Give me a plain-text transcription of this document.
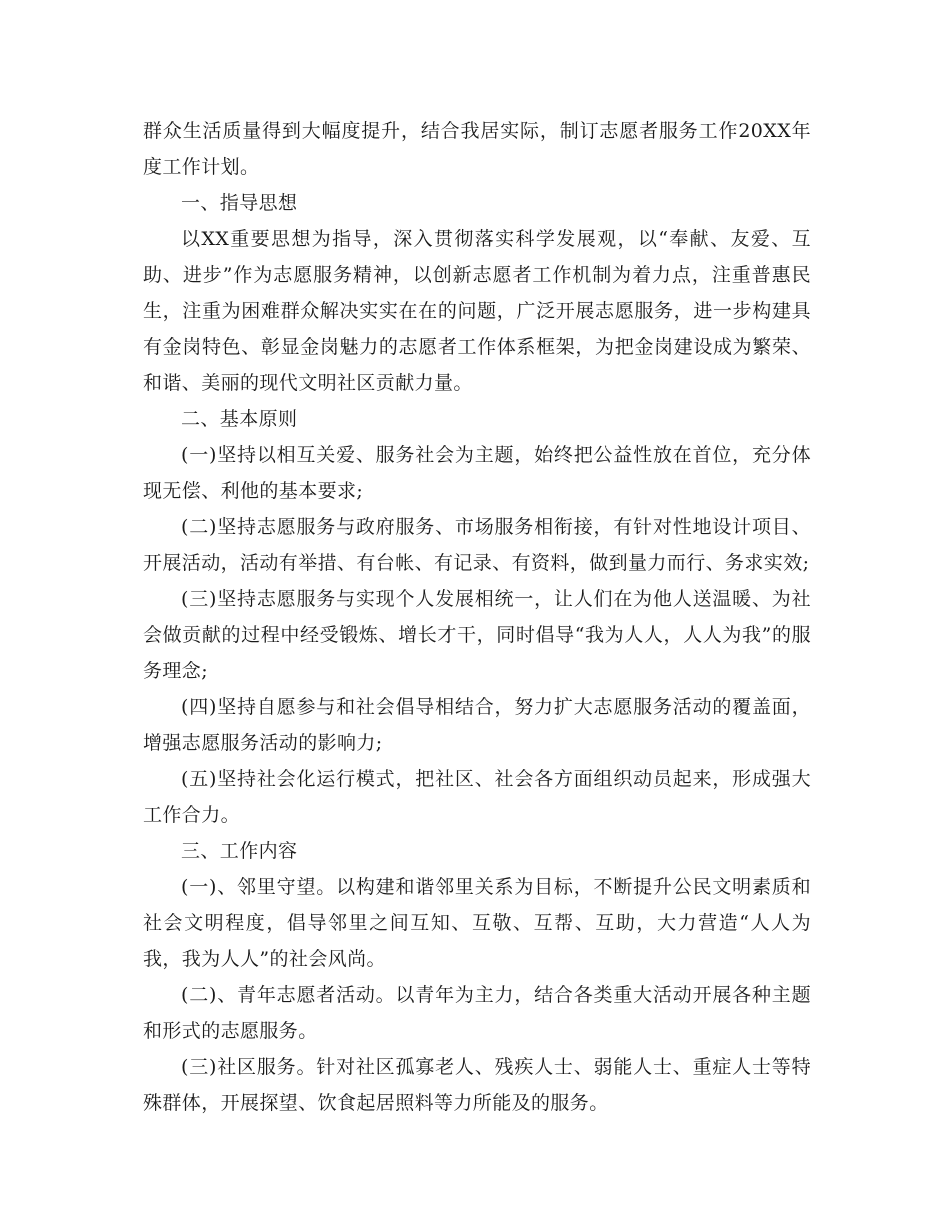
群众生活质量得到大幅度提升，结合我居实际，制订志愿者服务工作20XX年度工作计划。

一、指导思想

以XX重要思想为指导，深入贯彻落实科学发展观，以“奉献、友爱、互助、进步”作为志愿服务精神，以创新志愿者工作机制为着力点，注重普惠民生，注重为困难群众解决实实在在的问题，广泛开展志愿服务，进一步构建具有金岗特色、彰显金岗魅力的志愿者工作体系框架，为把金岗建设成为繁荣、和谐、美丽的现代文明社区贡献力量。

二、基本原则

(一)坚持以相互关爱、服务社会为主题，始终把公益性放在首位，充分体现无偿、利他的基本要求;

(二)坚持志愿服务与政府服务、市场服务相衔接，有针对性地设计项目、开展活动，活动有举措、有台帐、有记录、有资料，做到量力而行、务求实效;

(三)坚持志愿服务与实现个人发展相统一，让人们在为他人送温暖、为社会做贡献的过程中经受锻炼、增长才干，同时倡导“我为人人，人人为我”的服务理念;

(四)坚持自愿参与和社会倡导相结合，努力扩大志愿服务活动的覆盖面，增强志愿服务活动的影响力;

(五)坚持社会化运行模式，把社区、社会各方面组织动员起来，形成强大工作合力。

三、工作内容

(一)、邻里守望。以构建和谐邻里关系为目标，不断提升公民文明素质和社会文明程度，倡导邻里之间互知、互敬、互帮、互助，大力营造“人人为我，我为人人”的社会风尚。

(二)、青年志愿者活动。以青年为主力，结合各类重大活动开展各种主题和形式的志愿服务。

(三)社区服务。针对社区孤寡老人、残疾人士、弱能人士、重症人士等特殊群体，开展探望、饮食起居照料等力所能及的服务。
